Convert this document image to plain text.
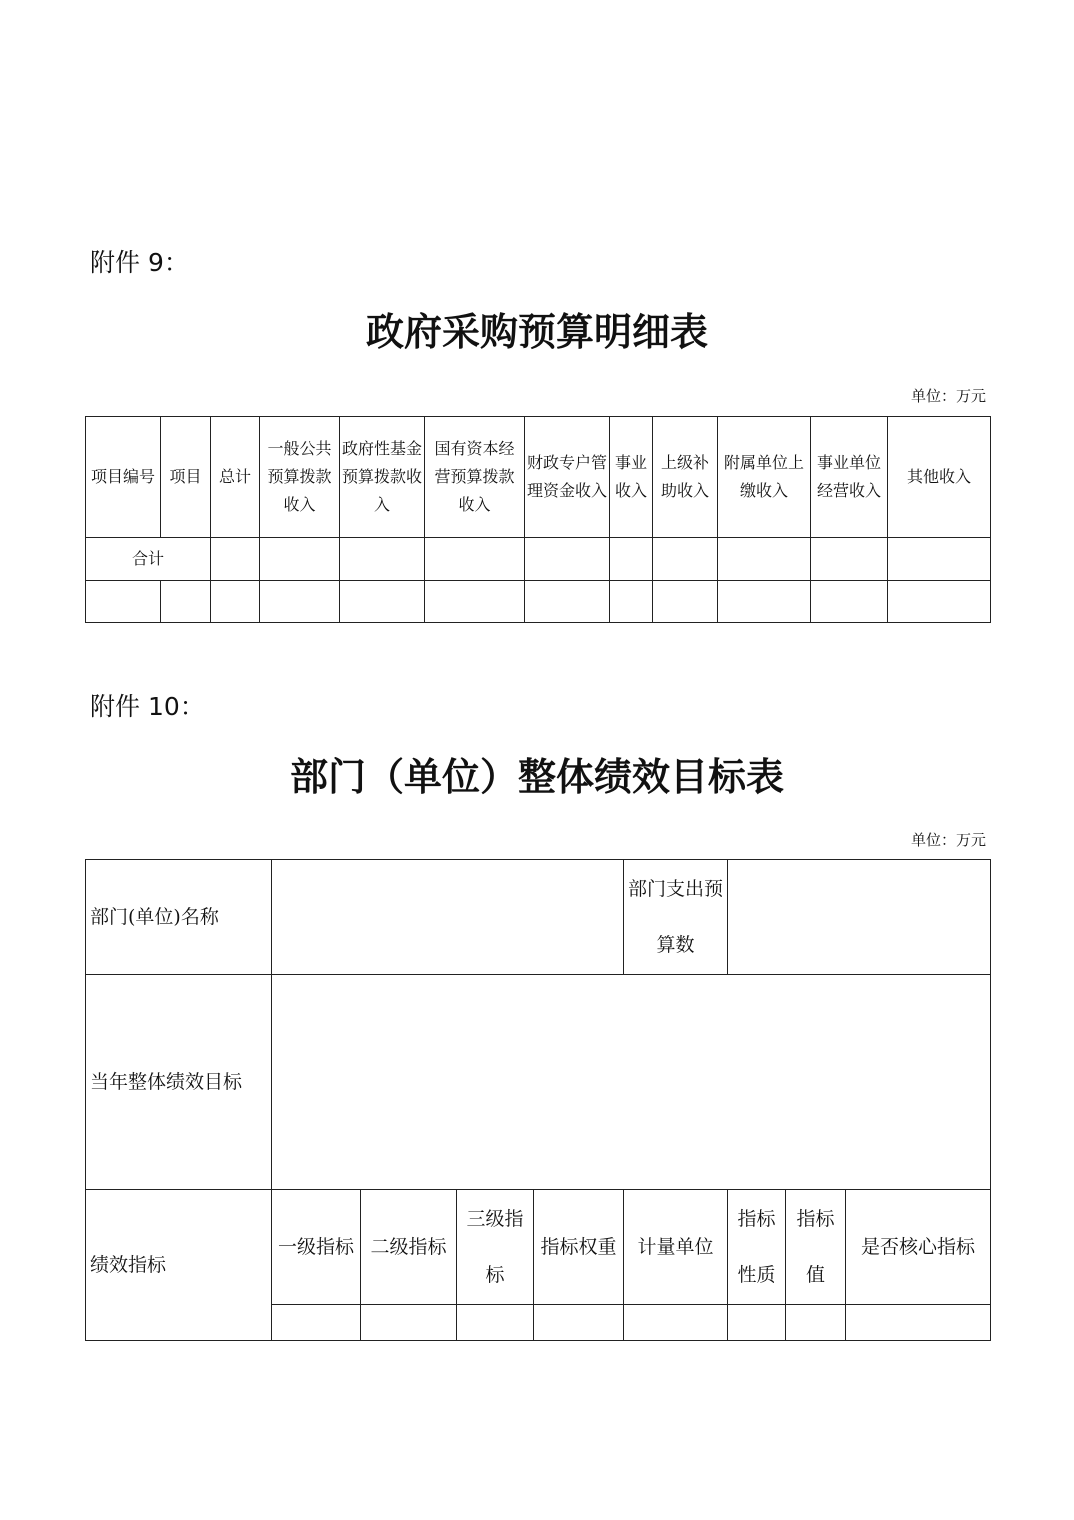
附件 9：
政府采购预算明细表
单位：万元
项目编号	项目	总计	一般公共预算拨款收入	政府性基金预算拨款收入	国有资本经营预算拨款收入	财政专户管理资金收入	事业收入	上级补助收入	附属单位上缴收入	事业单位经营收入	其他收入
合计											

附件 10：
部门（单位）整体绩效目标表
单位：万元
部门(单位)名称					部门支出预算数			
当年整体绩效目标								
绩效指标	一级指标	二级指标	三级指标	指标权重	计量单位	指标性质	指标值	是否核心指标
